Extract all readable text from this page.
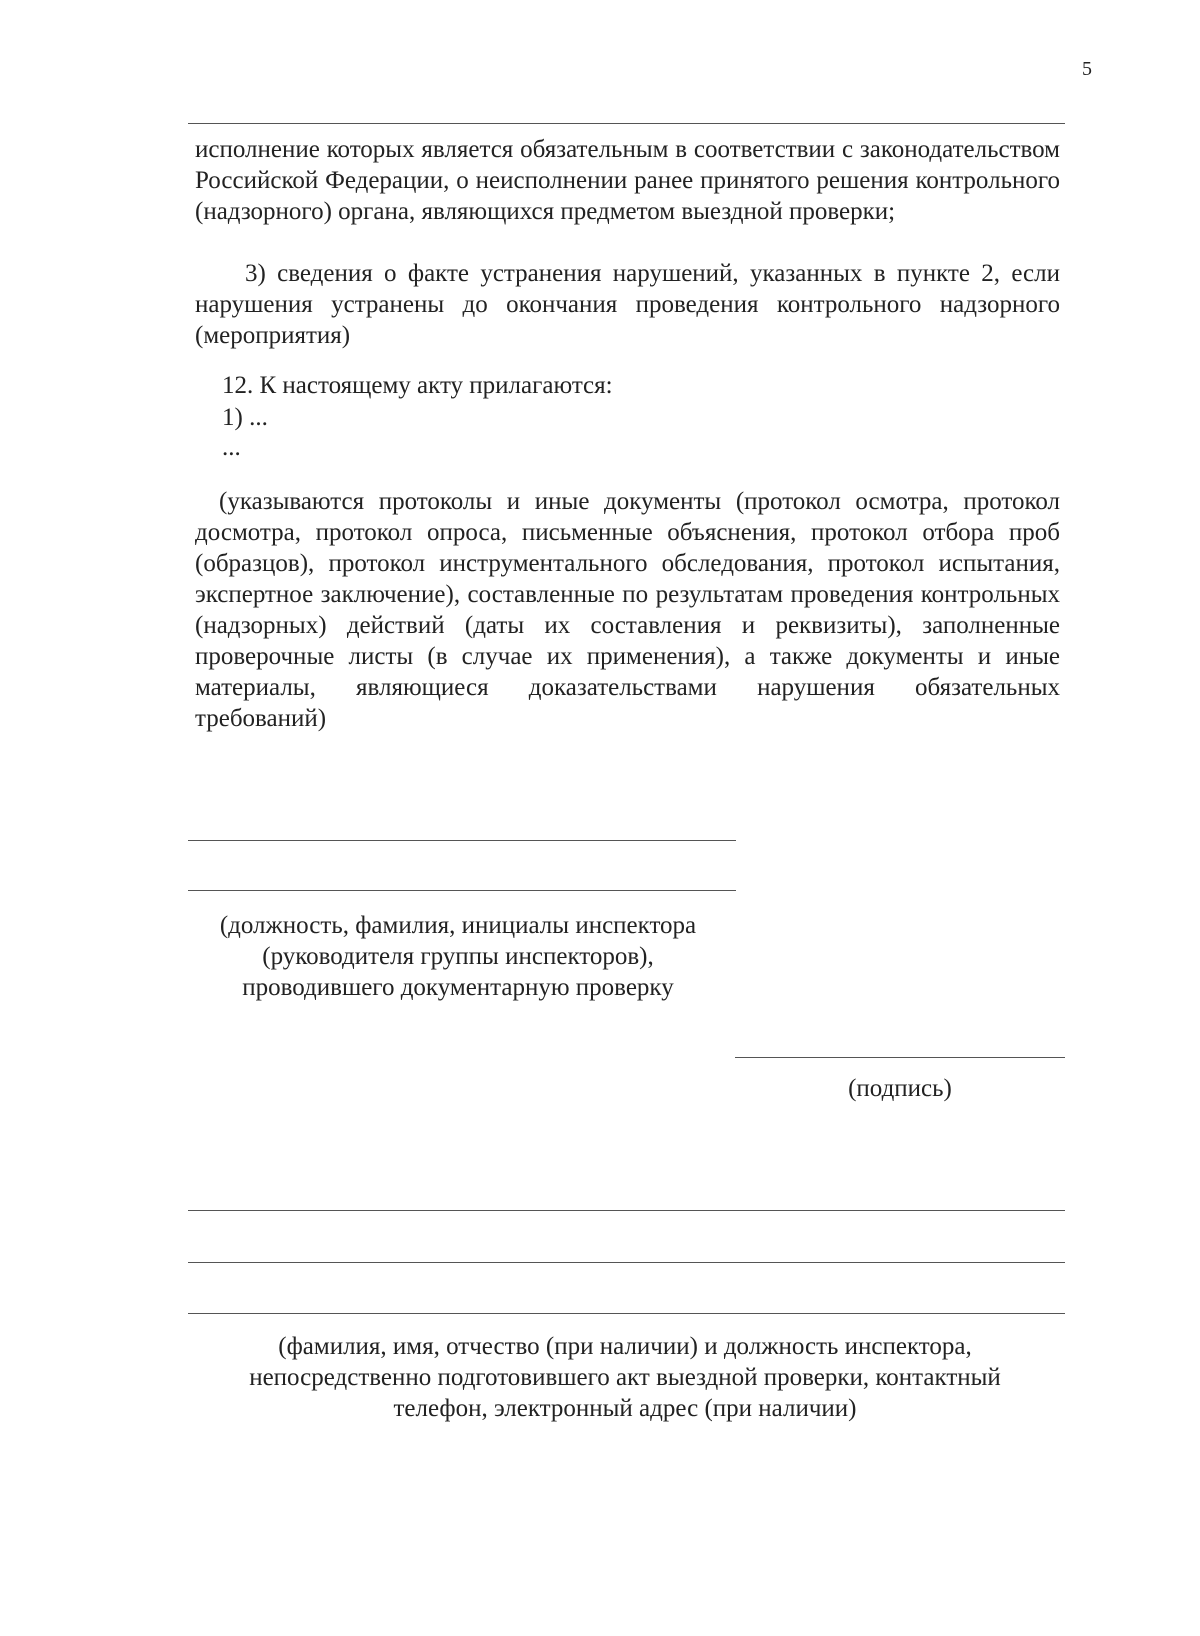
5

исполнение которых является обязательным в соответствии с законодательством Российской Федерации, о неисполнении ранее принятого решения контрольного (надзорного) органа, являющихся предметом выездной проверки;

3) сведения о факте устранения нарушений, указанных в пункте 2, если нарушения устранены до окончания проведения контрольного надзорного (мероприятия)

12. К настоящему акту прилагаются:

1) ...

...

(указываются протоколы и иные документы (протокол осмотра, протокол досмотра, протокол опроса, письменные объяснения, протокол отбора проб (образцов), протокол инструментального обследования, протокол испытания, экспертное заключение), составленные по результатам проведения контрольных (надзорных) действий (даты их составления и реквизиты), заполненные проверочные листы (в случае их применения), а также документы и иные материалы, являющиеся доказательствами нарушения обязательных требований)

(должность, фамилия, инициалы инспектора (руководителя группы инспекторов), проводившего документарную проверку

(подпись)

(фамилия, имя, отчество (при наличии) и должность инспектора, непосредственно подготовившего акт выездной проверки, контактный телефон, электронный адрес (при наличии)
